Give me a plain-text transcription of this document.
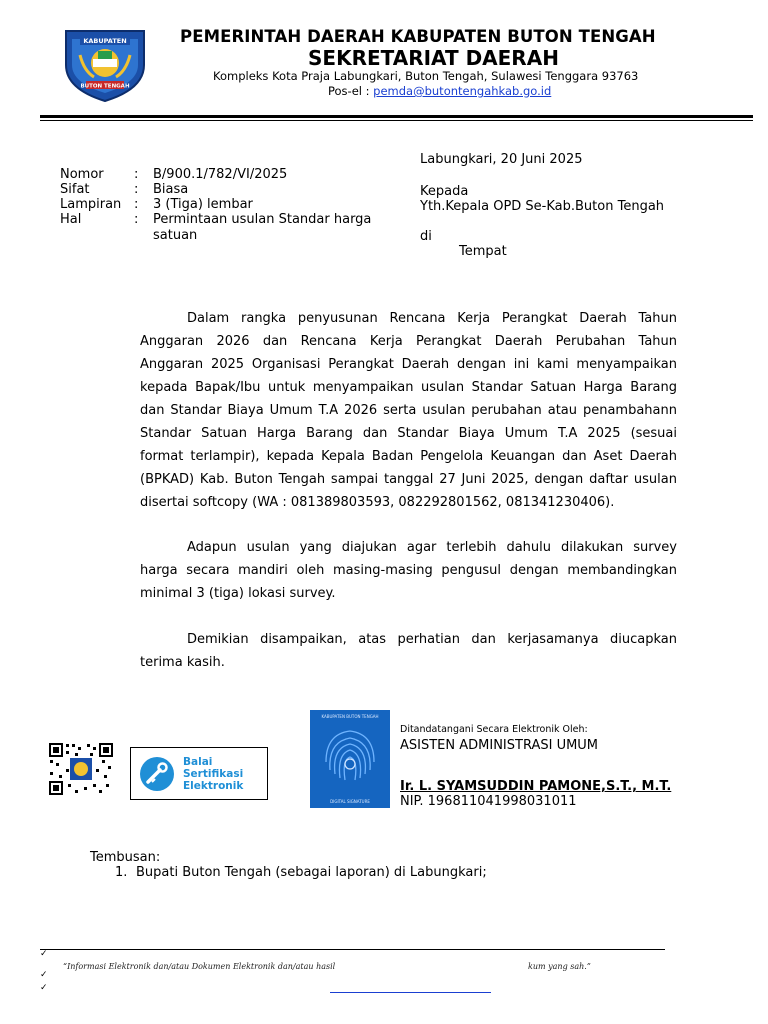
KABUPATEN
BUTON TENGAH
PEMERINTAH DAERAH KABUPATEN BUTON TENGAH
SEKRETARIAT DAERAH
Kompleks Kota Praja Labungkari, Buton Tengah, Sulawesi Tenggara 93763
Pos-el : pemda@butontengahkab.go.id
Nomor : B/900.1/782/VI/2025
Sifat	: Biasa
Lampiran : 3 (Tiga) lembar
Hal	: Permintaan usulan Standar harga
satuan
Labungkari, 20 Juni 2025
Kepada
Yth.Kepala OPD Se-Kab.Buton Tengah
di
Tempat
Dalam rangka penyusunan Rencana Kerja Perangkat Daerah Tahun
Anggaran 2026 dan Rencana Kerja Perangkat Daerah Perubahan Tahun
Anggaran 2025 Organisasi Perangkat Daerah dengan ini kami menyampaikan
kepada Bapak/Ibu untuk menyampaikan usulan Standar Satuan Harga Barang
dan Standar Biaya Umum T.A 2026 serta usulan perubahan atau penambahann
Standar Satuan Harga Barang dan Standar Biaya Umum T.A 2025 (sesuai
format terlampir), kepada Kepala Badan Pengelola Keuangan dan Aset Daerah
(BPKAD) Kab. Buton Tengah sampai tanggal 27 Juni 2025, dengan daftar usulan
disertai softcopy (WA : 081389803593, 082292801562, 081341230406).
Adapun usulan yang diajukan agar terlebih dahulu dilakukan survey
harga secara mandiri oleh masing-masing pengusul dengan membandingkan
minimal 3 (tiga) lokasi survey.
Demikian disampaikan, atas perhatian dan kerjasamanya diucapkan
terima kasih.
Balai
Sertifikasi
Elektronik
KABUPATEN BUTON TENGAH
DIGITAL SIGNATURE
Ditandatangani Secara Elektronik Oleh:
ASISTEN ADMINISTRASI UMUM
Ir. L. SYAMSUDDIN PAMONE,S.T., M.T.
NIP. 196811041998031011
Tembusan:
1. Bupati Buton Tengah (sebagai laporan) di Labungkari;
✓
“Informasi Elektronik dan/atau Dokumen Elektronik dan/atau hasil	kum yang sah.”
✓
✓
